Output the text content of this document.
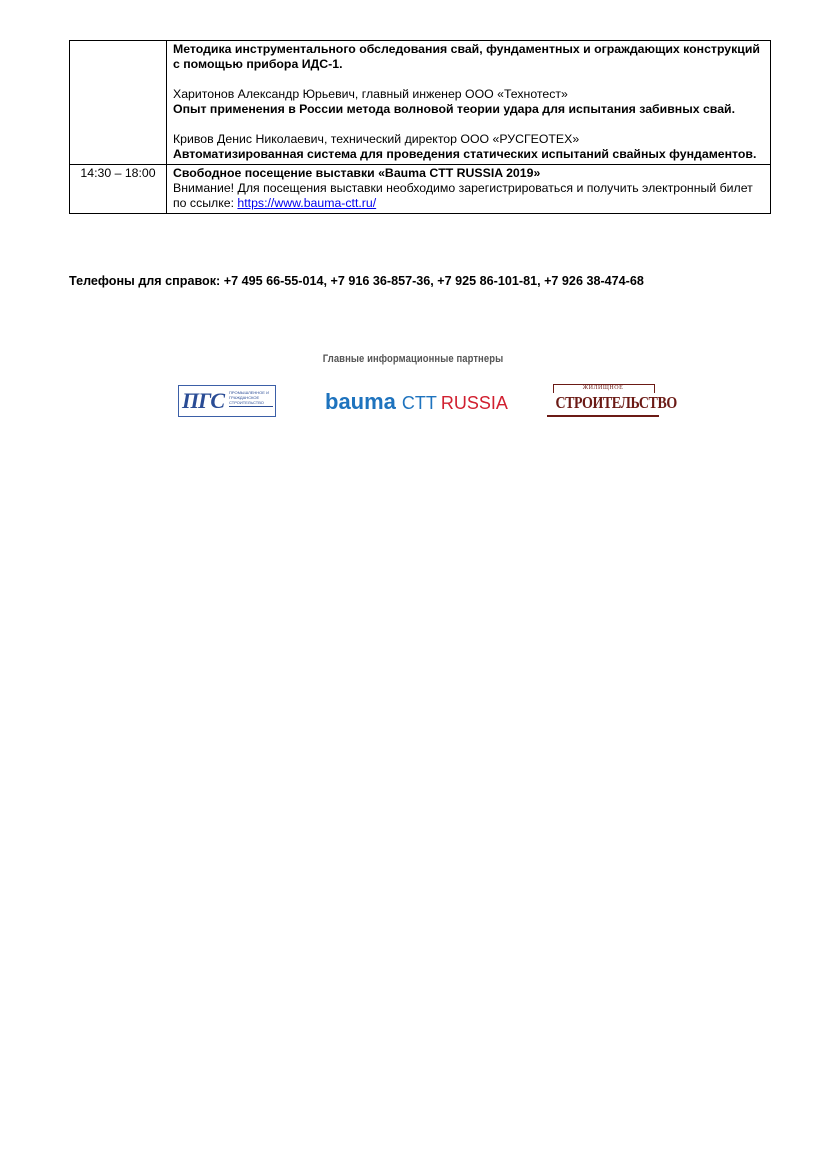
	Методика инструментального обследования свай, фундаментных и ограждающих конструкций с помощью прибора ИДС-1.
Харитонов Александр Юрьевич, главный инженер ООО «Технотест»
Опыт применения в России метода волновой теории удара для испытания забивных свай.
Кривов Денис Николаевич, технический директор ООО «РУСГЕОТЕХ»
Автоматизированная система для проведения статических испытаний свайных фундаментов.

14:30 – 18:00	Свободное посещение выставки «Bauma CTT RUSSIA 2019»
Внимание! Для посещения выставки необходимо зарегистрироваться и получить электронный билет по ссылке: https://www.bauma-ctt.ru/
Телефоны для справок: +7 495 66-55-014, +7 916 36-857-36, +7 925 86-101-81, +7 926 38-474-68
Главные информационные партнеры
ПГС ПРОМЫШЛЕННОЕ И ГРАЖДАНСКОЕ СТРОИТЕЛЬСТВО	bauma CTT RUSSIA
ЖИЛИЩНОЕ
СТРОИТЕЛЬСТВО
